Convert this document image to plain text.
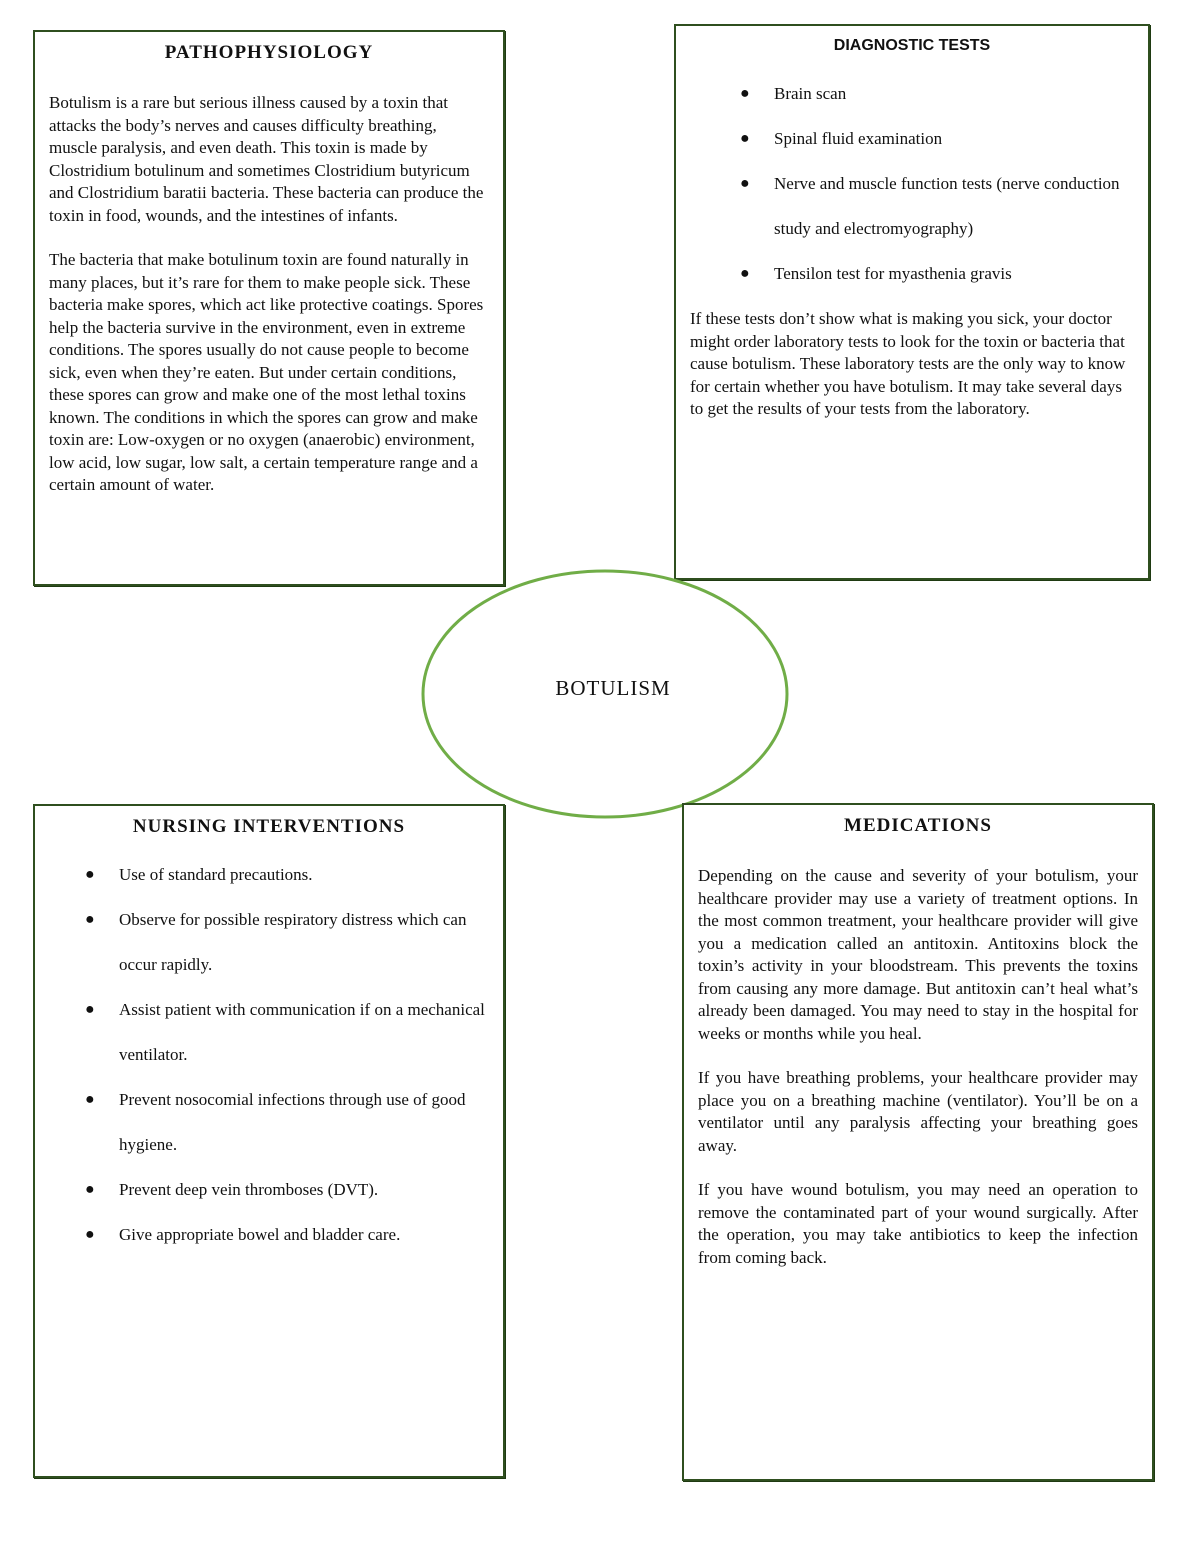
PATHOPHYSIOLOGY

Botulism is a rare but serious illness caused by a toxin that attacks the body’s nerves and causes difficulty breathing, muscle paralysis, and even death. This toxin is made by Clostridium botulinum and sometimes Clostridium butyricum and Clostridium baratii bacteria. These bacteria can produce the toxin in food, wounds, and the intestines of infants.

The bacteria that make botulinum toxin are found naturally in many places, but it’s rare for them to make people sick. These bacteria make spores, which act like protective coatings. Spores help the bacteria survive in the environment, even in extreme conditions. The spores usually do not cause people to become sick, even when they’re eaten. But under certain conditions, these spores can grow and make one of the most lethal toxins known. The conditions in which the spores can grow and make toxin are: Low-oxygen or no oxygen (anaerobic) environment, low acid, low sugar, low salt, a certain temperature range and a certain amount of water.

DIAGNOSTIC TESTS
● Brain scan
● Spinal fluid examination
● Nerve and muscle function tests (nerve conduction study and electromyography)
● Tensilon test for myasthenia gravis

If these tests don’t show what is making you sick, your doctor might order laboratory tests to look for the toxin or bacteria that cause botulism. These laboratory tests are the only way to know for certain whether you have botulism. It may take several days to get the results of your tests from the laboratory.

BOTULISM
NURSING INTERVENTIONS
● Use of standard precautions.
● Observe for possible respiratory distress which can occur rapidly.
● Assist patient with communication if on a mechanical ventilator.
● Prevent nosocomial infections through use of good hygiene.
● Prevent deep vein thromboses (DVT).
● Give appropriate bowel and bladder care.
MEDICATIONS

Depending on the cause and severity of your botulism, your healthcare provider may use a variety of treatment options. In the most common treatment, your healthcare provider will give you a medication called an antitoxin. Antitoxins block the toxin’s activity in your bloodstream. This prevents the toxins from causing any more damage. But antitoxin can’t heal what’s already been damaged. You may need to stay in the hospital for weeks or months while you heal.

If you have breathing problems, your healthcare provider may place you on a breathing machine (ventilator). You’ll be on a ventilator until any paralysis affecting your breathing goes away.

If you have wound botulism, you may need an operation to remove the contaminated part of your wound surgically. After the operation, you may take antibiotics to keep the infection from coming back.
